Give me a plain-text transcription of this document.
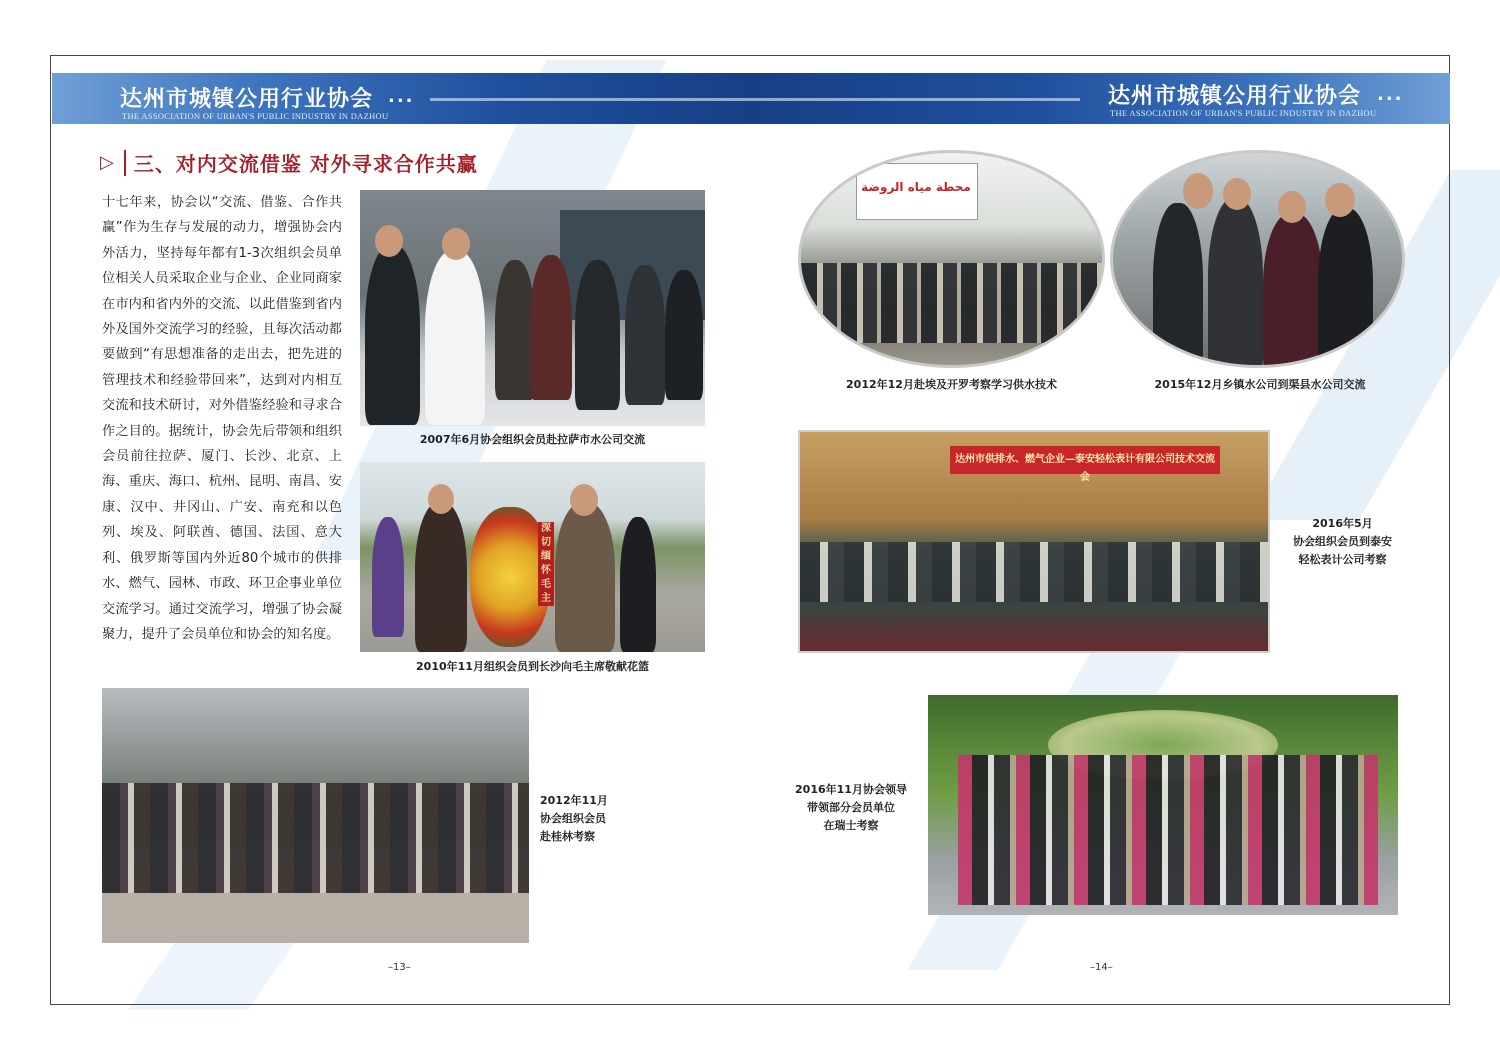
达州市城镇公用行业协会
THE ASSOCIATION OF URBAN'S PUBLIC INDUSTRY IN DAZHOU
...	达州市城镇公用行业协会
THE ASSOCIATION OF URBAN'S PUBLIC INDUSTRY IN DAZHOU
...
▷ 三、对内交流借鉴 对外寻求合作共赢
十七年来，协会以“交流、借鉴、合作共赢”作为生存与发展的动力，增强协会内外活力，坚持每年都有1-3次组织会员单位相关人员采取企业与企业、企业同商家在市内和省内外的交流、以此借鉴到省内外及国外交流学习的经验，且每次活动都要做到“有思想准备的走出去，把先进的管理技术和经验带回来”，达到对内相互交流和技术研讨，对外借鉴经验和寻求合作之目的。据统计，协会先后带领和组织会员前往拉萨、厦门、长沙、北京、上海、重庆、海口、杭州、昆明、南昌、安康、汉中、井冈山、广安、南充和以色列、埃及、阿联酋、德国、法国、意大利、俄罗斯等国内外近80个城市的供排水、燃气、园林、市政、环卫企事业单位交流学习。通过交流学习，增强了协会凝聚力，提升了会员单位和协会的知名度。
2007年6月协会组织会员赴拉萨市水公司交流
深切缅怀毛主
2010年11月组织会员到长沙向毛主席敬献花篮
2012年11月
协会组织会员
赴桂林考察
محطة مياه الروضة
2012年12月赴埃及开罗考察学习供水技术	2015年12月乡镇水公司到渠县水公司交流
达州市供排水、燃气企业—泰安轻松表计有限公司技术交流会
2016年5月
协会组织会员到泰安
轻松表计公司考察
2016年11月协会领导
带领部分会员单位
在瑞士考察
–13–	–14–
